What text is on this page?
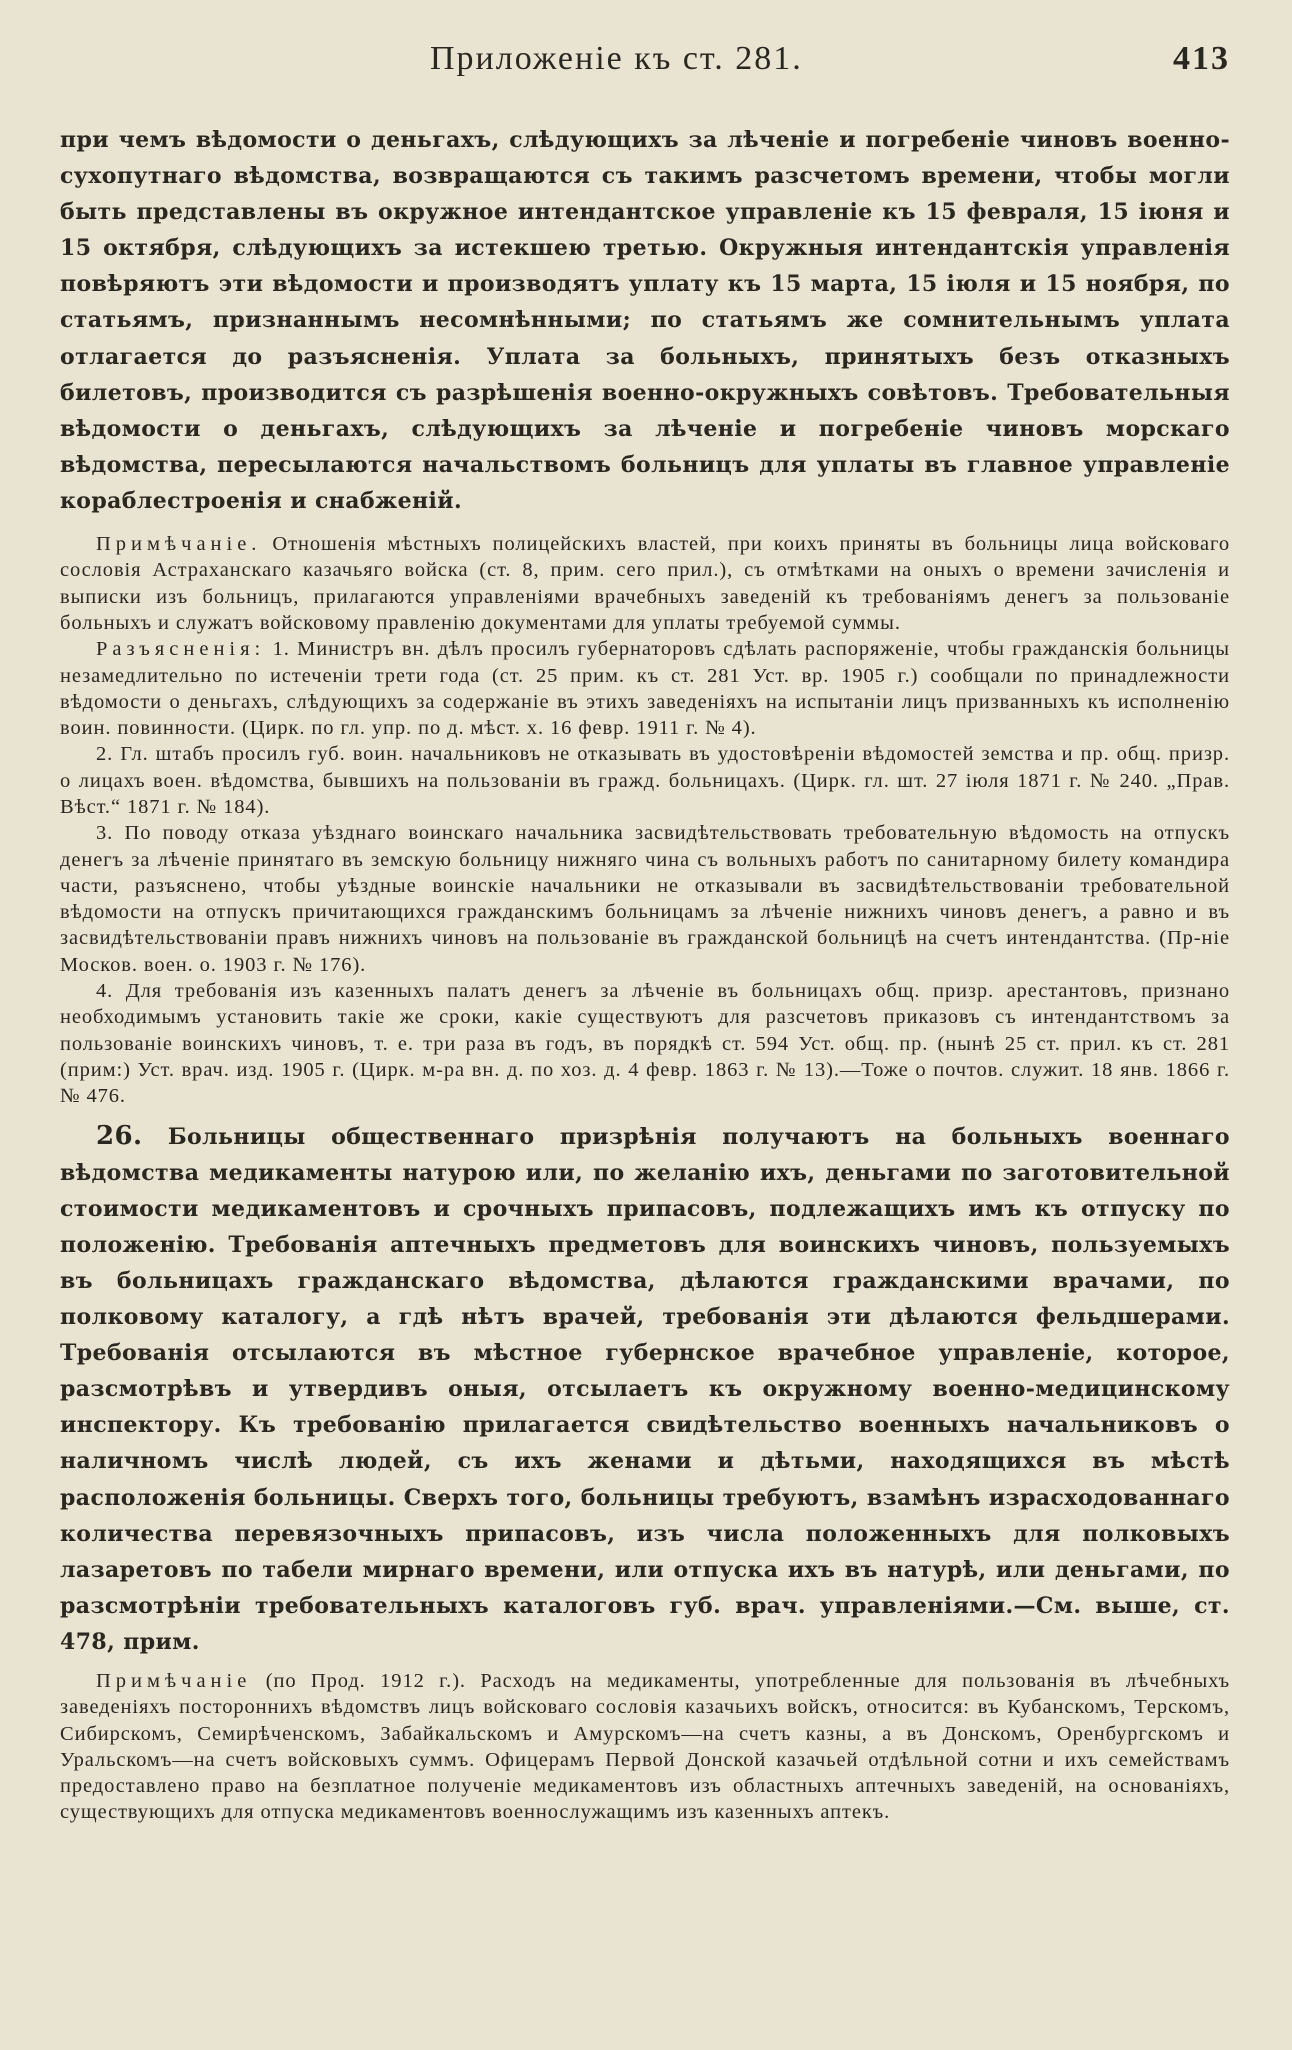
Приложеніе къ ст. 281.	413

при чемъ вѣдомости о деньгахъ, слѣдующихъ за лѣченіе и погребеніе чиновъ военно-сухопутнаго вѣдомства, возвращаются съ такимъ разсчетомъ времени, чтобы могли быть представлены въ окружное интендантское управленіе къ 15 февраля, 15 іюня и 15 октября, слѣдующихъ за истекшею третью. Окружныя интендантскія управленія повѣряютъ эти вѣдомости и производятъ уплату къ 15 марта, 15 іюля и 15 ноября, по статьямъ, признаннымъ несомнѣнными; по статьямъ же сомнительнымъ уплата отлагается до разъясненія. Уплата за больныхъ, принятыхъ безъ отказныхъ билетовъ, производится съ разрѣшенія военно-окружныхъ совѣтовъ. Требовательныя вѣдомости о деньгахъ, слѣдующихъ за лѣченіе и погребеніе чиновъ морскаго вѣдомства, пересылаются начальствомъ больницъ для уплаты въ главное управленіе кораблестроенія и снабженій.

Примѣчаніе. Отношенія мѣстныхъ полицейскихъ властей, при коихъ приняты въ больницы лица войсковаго сословія Астраханскаго казачьяго войска (ст. 8, прим. сего прил.), съ отмѣтками на оныхъ о времени зачисленія и выписки изъ больницъ, прилагаются управленіями врачебныхъ заведеній къ требованіямъ денегъ за пользованіе больныхъ и служатъ войсковому правленію документами для уплаты требуемой суммы.

Разъясненія: 1. Министръ вн. дѣлъ просилъ губернаторовъ сдѣлать распоряженіе, чтобы гражданскія больницы незамедлительно по истеченіи трети года (ст. 25 прим. къ ст. 281 Уст. вр. 1905 г.) сообщали по принадлежности вѣдомости о деньгахъ, слѣдующихъ за содержаніе въ этихъ заведеніяхъ на испытаніи лицъ призванныхъ къ исполненію воин. повинности. (Цирк. по гл. упр. по д. мѣст. х. 16 февр. 1911 г. № 4).

2. Гл. штабъ просилъ губ. воин. начальниковъ не отказывать въ удостовѣреніи вѣдомостей земства и пр. общ. призр. о лицахъ воен. вѣдомства, бывшихъ на пользованіи въ гражд. больницахъ. (Цирк. гл. шт. 27 іюля 1871 г. № 240. „Прав. Вѣст.“ 1871 г. № 184).

3. По поводу отказа уѣзднаго воинскаго начальника засвидѣтельствовать требовательную вѣдомость на отпускъ денегъ за лѣченіе принятаго въ земскую больницу нижняго чина съ вольныхъ работъ по санитарному билету командира части, разъяснено, чтобы уѣздные воинскіе начальники не отказывали въ засвидѣтельствованіи требовательной вѣдомости на отпускъ причитающихся гражданскимъ больницамъ за лѣченіе нижнихъ чиновъ денегъ, а равно и въ засвидѣтельствованіи правъ нижнихъ чиновъ на пользованіе въ гражданской больницѣ на счетъ интендантства. (Пр-ніе Москов. воен. о. 1903 г. № 176).

4. Для требованія изъ казенныхъ палатъ денегъ за лѣченіе въ больницахъ общ. призр. арестантовъ, признано необходимымъ установить такіе же сроки, какіе существуютъ для разсчетовъ приказовъ съ интендантствомъ за пользованіе воинскихъ чиновъ, т. е. три раза въ годъ, въ порядкѣ ст. 594 Уст. общ. пр. (нынѣ 25 ст. прил. къ ст. 281 (прим:) Уст. врач. изд. 1905 г. (Цирк. м-ра вн. д. по хоз. д. 4 февр. 1863 г. № 13).—Тоже о почтов. служит. 18 янв. 1866 г. № 476.

26. Больницы общественнаго призрѣнія получаютъ на больныхъ военнаго вѣдомства медикаменты натурою или, по желанію ихъ, деньгами по заготовительной стоимости медикаментовъ и срочныхъ припасовъ, подлежащихъ имъ къ отпуску по положенію. Требованія аптечныхъ предметовъ для воинскихъ чиновъ, пользуемыхъ въ больницахъ гражданскаго вѣдомства, дѣлаются гражданскими врачами, по полковому каталогу, а гдѣ нѣтъ врачей, требованія эти дѣлаются фельдшерами. Требованія отсылаются въ мѣстное губернское врачебное управленіе, которое, разсмотрѣвъ и утвердивъ оныя, отсылаетъ къ окружному военно-медицинскому инспектору. Къ требованію прилагается свидѣтельство военныхъ начальниковъ о наличномъ числѣ людей, съ ихъ женами и дѣтьми, находящихся въ мѣстѣ расположенія больницы. Сверхъ того, больницы требуютъ, взамѣнъ израсходованнаго количества перевязочныхъ припасовъ, изъ числа положенныхъ для полковыхъ лазаретовъ по табели мирнаго времени, или отпуска ихъ въ натурѣ, или деньгами, по разсмотрѣніи требовательныхъ каталоговъ губ. врач. управленіями.—См. выше, ст. 478, прим.

Примѣчаніе (по Прод. 1912 г.). Расходъ на медикаменты, употребленные для пользованія въ лѣчебныхъ заведеніяхъ постороннихъ вѣдомствъ лицъ войсковаго сословія казачьихъ войскъ, относится: въ Кубанскомъ, Терскомъ, Сибирскомъ, Семирѣченскомъ, Забайкальскомъ и Амурскомъ—на счетъ казны, а въ Донскомъ, Оренбургскомъ и Уральскомъ—на счетъ войсковыхъ суммъ. Офицерамъ Первой Донской казачьей отдѣльной сотни и ихъ семействамъ предоставлено право на безплатное полученіе медикаментовъ изъ областныхъ аптечныхъ заведеній, на основаніяхъ, существующихъ для отпуска медикаментовъ военнослужащимъ изъ казенныхъ аптекъ.
